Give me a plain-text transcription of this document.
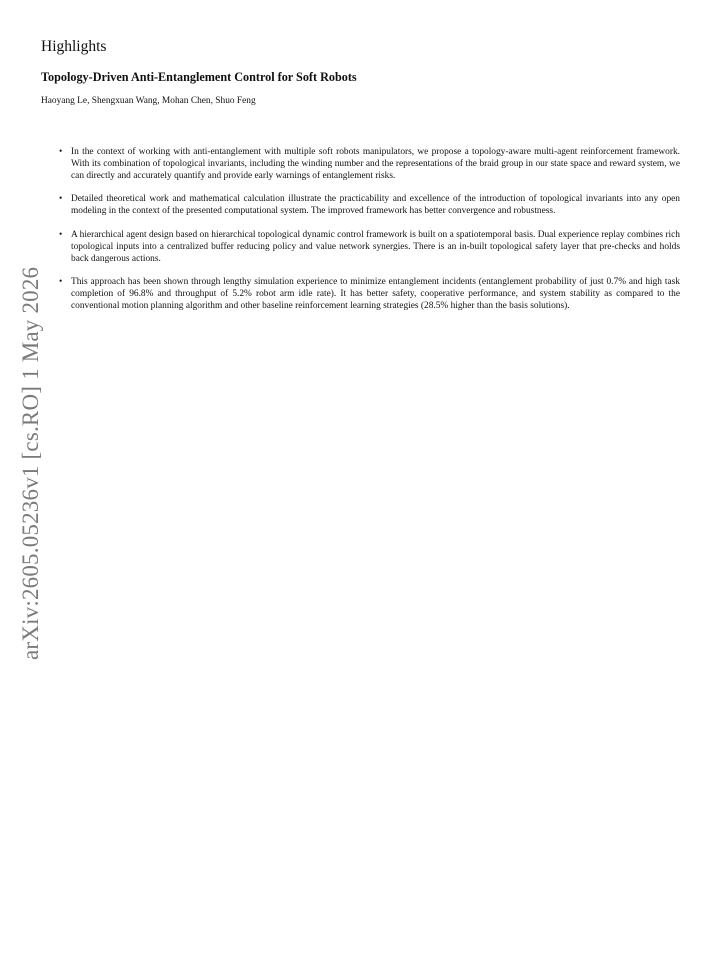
Highlights
Topology-Driven Anti-Entanglement Control for Soft Robots

Haoyang Le, Shengxuan Wang, Mohan Chen, Shuo Feng

• In the context of working with anti-entanglement with multiple soft robots manipulators, we propose a topology-aware multi-agent reinforcement framework. With its combination of topological invariants, including the winding number and the representations of the braid group in our state space and reward system, we can directly and accurately quantify and provide early warnings of entanglement risks.
• Detailed theoretical work and mathematical calculation illustrate the practicability and excellence of the introduction of topological invariants into any open modeling in the context of the presented computational system. The improved framework has better convergence and robustness.
• A hierarchical agent design based on hierarchical topological dynamic control framework is built on a spatiotemporal basis. Dual experience replay combines rich topological inputs into a centralized buffer reducing policy and value network synergies. There is an in-built topological safety layer that pre-checks and holds back dangerous actions.
• This approach has been shown through lengthy simulation experience to minimize entanglement incidents (entanglement probability of just 0.7% and high task completion of 96.8% and throughput of 5.2% robot arm idle rate). It has better safety, cooperative performance, and system stability as compared to the conventional motion planning algorithm and other baseline reinforcement learning strategies (28.5% higher than the basis solutions).
arXiv:2605.05236v1 [cs.RO] 1 May 2026
